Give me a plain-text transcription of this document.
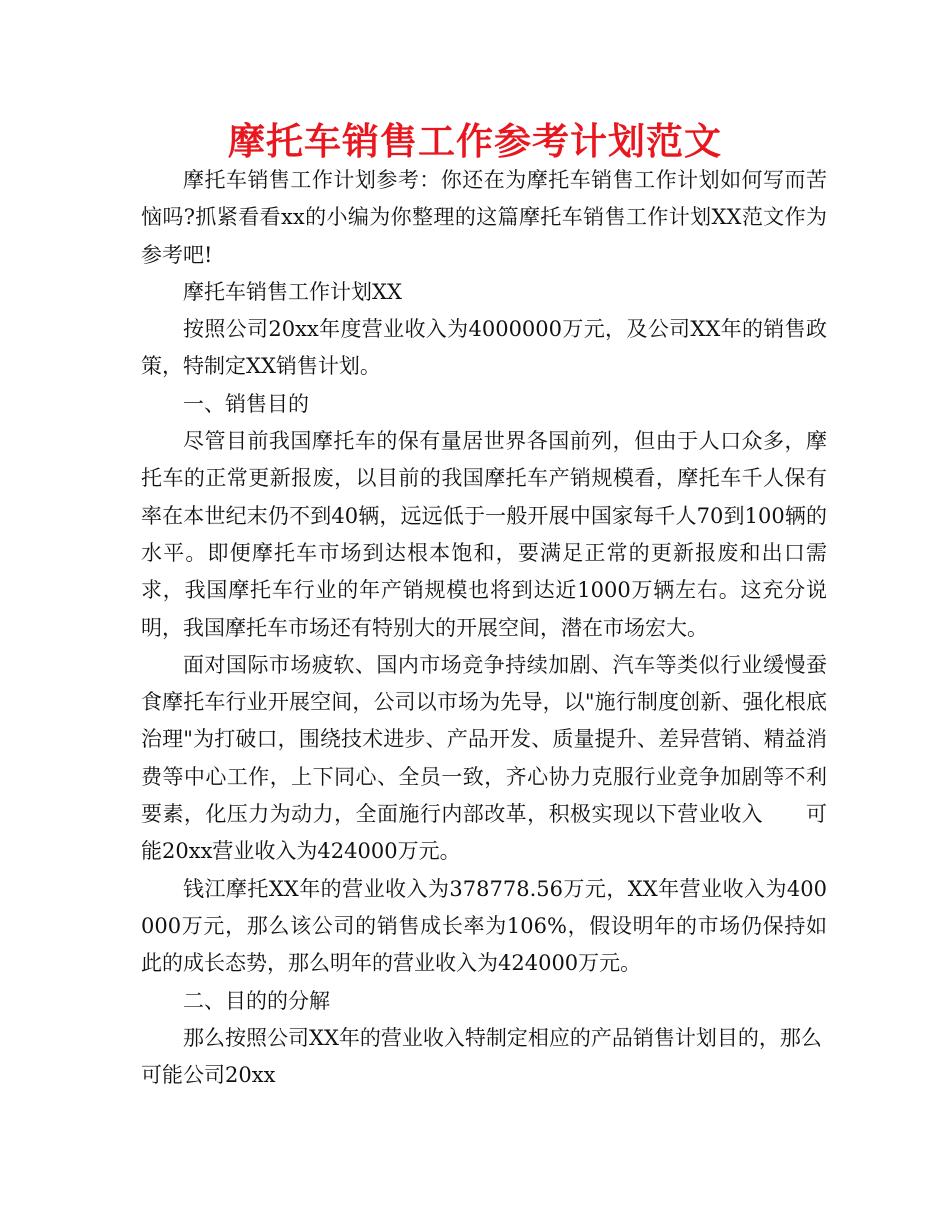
摩托车销售工作参考计划范文

摩托车销售工作计划参考：你还在为摩托车销售工作计划如何写而苦恼吗?抓紧看看xx的小编为你整理的这篇摩托车销售工作计划XX范文作为参考吧!

摩托车销售工作计划XX

按照公司20xx年度营业收入为4000000万元，及公司XX年的销售政策，特制定XX销售计划。

一、销售目的

尽管目前我国摩托车的保有量居世界各国前列，但由于人口众多，摩托车的正常更新报废，以目前的我国摩托车产销规模看，摩托车千人保有率在本世纪末仍不到40辆，远远低于一般开展中国家每千人70到100辆的水平。即便摩托车市场到达根本饱和，要满足正常的更新报废和出口需求，我国摩托车行业的年产销规模也将到达近1000万辆左右。这充分说明，我国摩托车市场还有特别大的开展空间，潜在市场宏大。

面对国际市场疲软、国内市场竞争持续加剧、汽车等类似行业缓慢蚕食摩托车行业开展空间，公司以市场为先导，以"施行制度创新、强化根底治理"为打破口，围绕技术进步、产品开发、质量提升、差异营销、精益消费等中心工作，上下同心、全员一致，齐心协力克服行业竞争加剧等不利要素，化压力为动力，全面施行内部改革，积极实现以下营业收入　　可能20xx营业收入为424000万元。

钱江摩托XX年的营业收入为378778.56万元，XX年营业收入为400000万元，那么该公司的销售成长率为106%，假设明年的市场仍保持如此的成长态势，那么明年的营业收入为424000万元。

二、目的的分解

那么按照公司XX年的营业收入特制定相应的产品销售计划目的，那么可能公司20xx
